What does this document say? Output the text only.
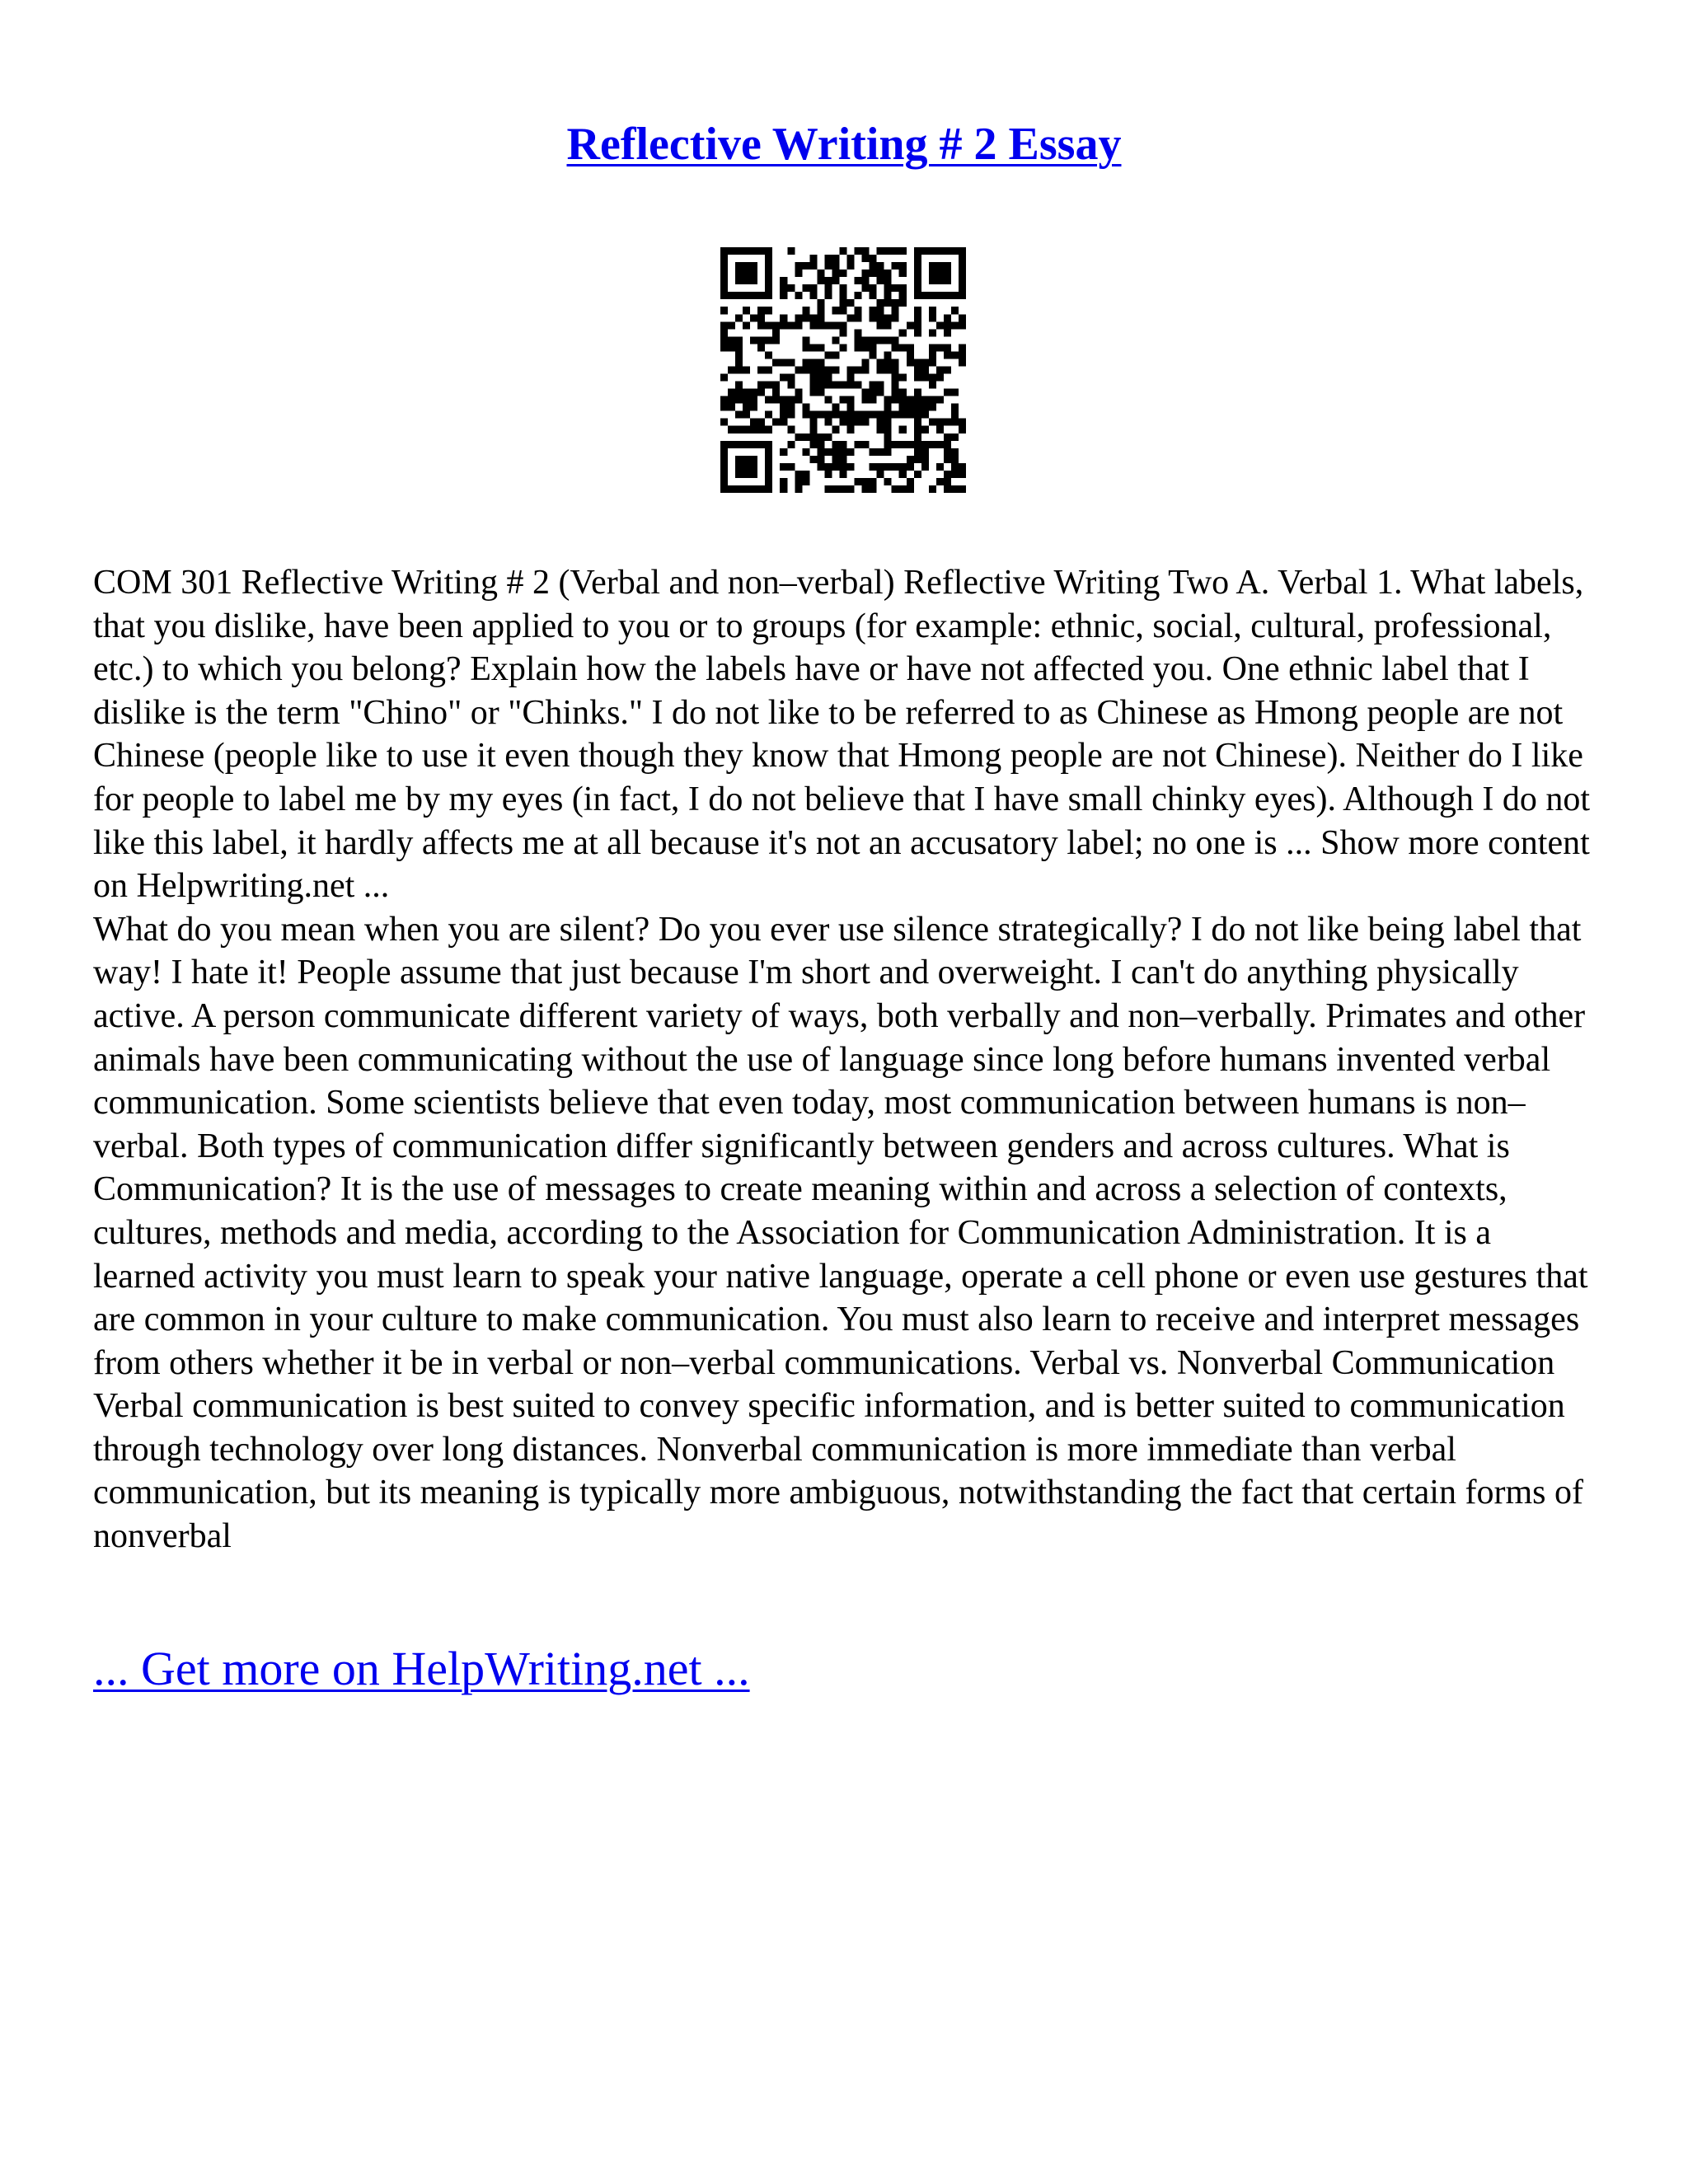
Reflective Writing # 2 Essay

COM 301 Reflective Writing # 2 (Verbal and non–verbal) Reflective Writing Two A. Verbal 1. What labels, that you dislike, have been applied to you or to groups (for example: ethnic, social, cultural, professional, etc.) to which you belong? Explain how the labels have or have not affected you. One ethnic label that I dislike is the term "Chino" or "Chinks." I do not like to be referred to as Chinese as Hmong people are not Chinese (people like to use it even though they know that Hmong people are not Chinese). Neither do I like for people to label me by my eyes (in fact, I do not believe that I have small chinky eyes). Although I do not like this label, it hardly affects me at all because it's not an accusatory label; no one is ... Show more content on Helpwriting.net ...

What do you mean when you are silent? Do you ever use silence strategically? I do not like being label that way! I hate it! People assume that just because I'm short and overweight. I can't do anything physically active. A person communicate different variety of ways, both verbally and non–verbally. Primates and other animals have been communicating without the use of language since long before humans invented verbal communication. Some scientists believe that even today, most communication between humans is non–verbal. Both types of communication differ significantly between genders and across cultures. What is Communication? It is the use of messages to create meaning within and across a selection of contexts, cultures, methods and media, according to the Association for Communication Administration. It is a learned activity you must learn to speak your native language, operate a cell phone or even use gestures that are common in your culture to make communication. You must also learn to receive and interpret messages from others whether it be in verbal or non–verbal communications. Verbal vs. Nonverbal Communication Verbal communication is best suited to convey specific information, and is better suited to communication through technology over long distances. Nonverbal communication is more immediate than verbal communication, but its meaning is typically more ambiguous, notwithstanding the fact that certain forms of nonverbal

... Get more on HelpWriting.net ...
